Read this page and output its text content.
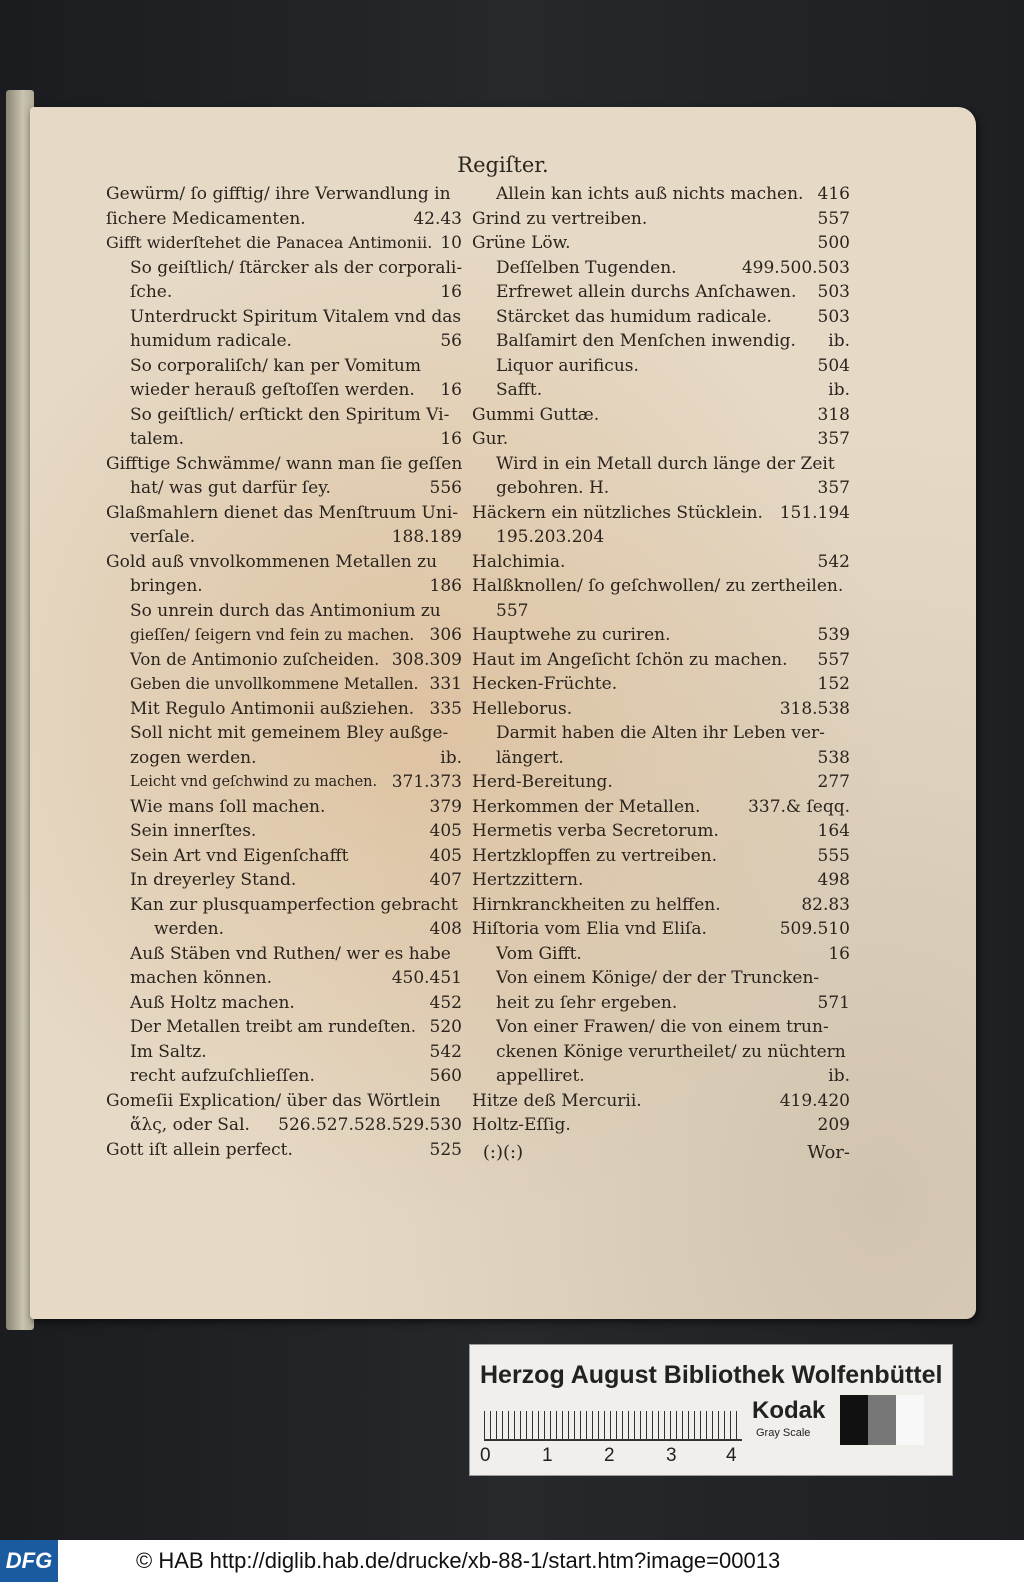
Regiſter.
Gewürm/ ſo gifftig/ ihre Verwandlung in
ſichere Medicamenten.	42.43
Gifft widerſtehet die Panacea Antimonii. 10
So geiſtlich/ ſtärcker als der corporali-
ſche.	16
Unterdruckt Spiritum Vitalem vnd das
humidum radicale.	56
So corporaliſch/ kan per Vomitum
wieder herauß geſtoſſen werden. 16
So geiſtlich/ erſtickt den Spiritum Vi-
talem.	16
Gifftige Schwämme/ wann man ſie geſſen
hat/ was gut darfür ſey.	556
Glaßmahlern dienet das Menſtruum Uni-
verſale.	188.189
Gold auß vnvolkommenen Metallen zu
bringen.	186
So unrein durch das Antimonium zu
gieſſen/ ſeigern vnd fein zu machen. 306
Von de Antimonio zuſcheiden. 308.309
Geben die unvollkommene Metallen. 331
Mit Regulo Antimonii außziehen. 335
Soll nicht mit gemeinem Bley außge-
zogen werden.	ib.
Leicht vnd geſchwind zu machen. 371.373
Wie mans ſoll machen.	379
Sein innerſtes.	405
Sein Art vnd Eigenſchafft	405
In dreyerley Stand.	407
Kan zur plusquamperfection gebracht
werden.	408
Auß Stäben vnd Ruthen/ wer es habe
machen können.	450.451
Auß Holtz machen.	452
Der Metallen treibt am rundeſten. 520
Im Saltz.	542
recht aufzuſchlieſſen.	560
Gomeſii Explication/ über das Wörtlein
ἅλς, oder Sal. 526.527.528.529.530
Gott iſt allein perfect.	525
Allein kan ichts auß nichts machen. 416
Grind zu vertreiben.	557
Grüne Löw.	500
Deſſelben Tugenden.	499.500.503
Erfrewet allein durchs Anſchawen. 503
Stärcket das humidum radicale.	503
Balſamirt den Menſchen inwendig. ib.
Liquor aurificus.	504
Safft.	ib.
Gummi Guttæ.	318
Gur.	357
Wird in ein Metall durch länge der Zeit
gebohren. H.	357
Häckern ein nützliches Stücklein. 151.194
195.203.204
Halchimia.	542
Halßknollen/ ſo geſchwollen/ zu zertheilen.
557
Hauptwehe zu curiren.	539
Haut im Angeſicht ſchön zu machen. 557
Hecken-Früchte.	152
Helleborus.	318.538
Darmit haben die Alten ihr Leben ver-
längert.	538
Herd-Bereitung.	277
Herkommen der Metallen.	337.& ſeqq.
Hermetis verba Secretorum.	164
Hertzklopffen zu vertreiben.	555
Hertzzittern.	498
Hirnkranckheiten zu helffen.	82.83
Hiſtoria vom Elia vnd Eliſa.	509.510
Vom Gifft.	16
Von einem Könige/ der der Truncken-
heit zu ſehr ergeben.	571
Von einer Frawen/ die von einem trun-
ckenen Könige verurtheilet/ zu nüchtern
appelliret.	ib.
Hitze deß Mercurii.	419.420
Holtz-Eſſig.	209
(:)(:)	Wor-
Herzog August Bibliothek Wolfenbüttel
0	1	2	3	4
Kodak
Gray Scale
DFG	© HAB http://diglib.hab.de/drucke/xb-88-1/start.htm?image=00013
